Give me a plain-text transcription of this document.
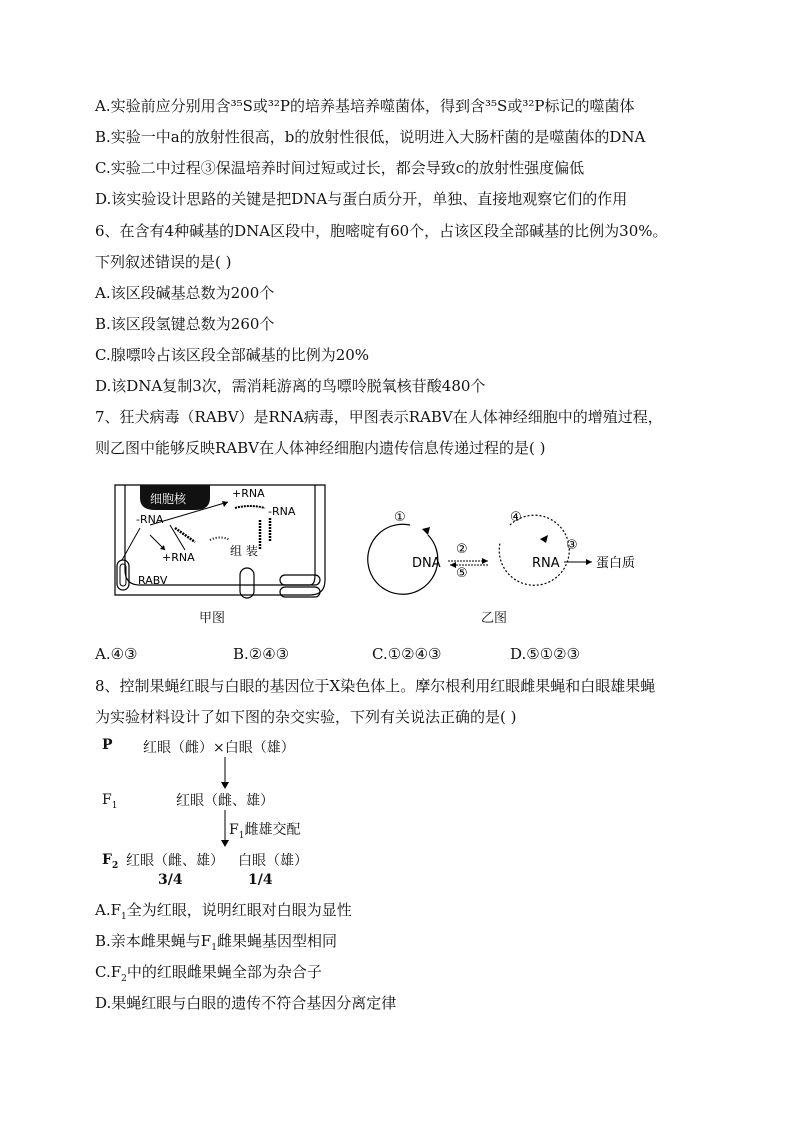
A.实验前应分别用含³⁵S或³²P的培养基培养噬菌体，得到含³⁵S或³²P标记的噬菌体
B.实验一中a的放射性很高，b的放射性很低，说明进入大肠杆菌的是噬菌体的DNA
C.实验二中过程③保温培养时间过短或过长，都会导致c的放射性强度偏低
D.该实验设计思路的关键是把DNA与蛋白质分开，单独、直接地观察它们的作用
6、在含有4种碱基的DNA区段中，胞嘧啶有60个，占该区段全部碱基的比例为30%。
下列叙述错误的是( )
A.该区段碱基总数为200个
B.该区段氢键总数为260个
C.腺嘌呤占该区段全部碱基的比例为20%
D.该DNA复制3次，需消耗游离的鸟嘌呤脱氧核苷酸480个
7、狂犬病毒（RABV）是RNA病毒，甲图表示RABV在人体神经细胞中的增殖过程，
则乙图中能够反映RABV在人体神经细胞内遗传信息传递过程的是( )
细胞核	+RNA
-RNA
-RNA
+RNA	组 装
RABV
甲图
①	④
②
⑤
③
DNA	RNA	蛋白质
乙图
A.④③	B.②④③	C.①②④③	D.⑤①②③
8、控制果蝇红眼与白眼的基因位于X染色体上。摩尔根利用红眼雌果蝇和白眼雄果蝇
为实验材料设计了如下图的杂交实验，下列有关说法正确的是( )
P 红眼（雌）×白眼（雄）
$F_1$	红眼（雌、雄）
$F_1$雌雄交配
$F_2$ 红眼（雌、雄） 白眼（雄）
3/4	1/4
$A.F_1$全为红眼，说明红眼对白眼为显性
B.亲本雌果蝇与$F_1$雌果蝇基因型相同
$C.F_2$中的红眼雌果蝇全部为杂合子
D.果蝇红眼与白眼的遗传不符合基因分离定律
